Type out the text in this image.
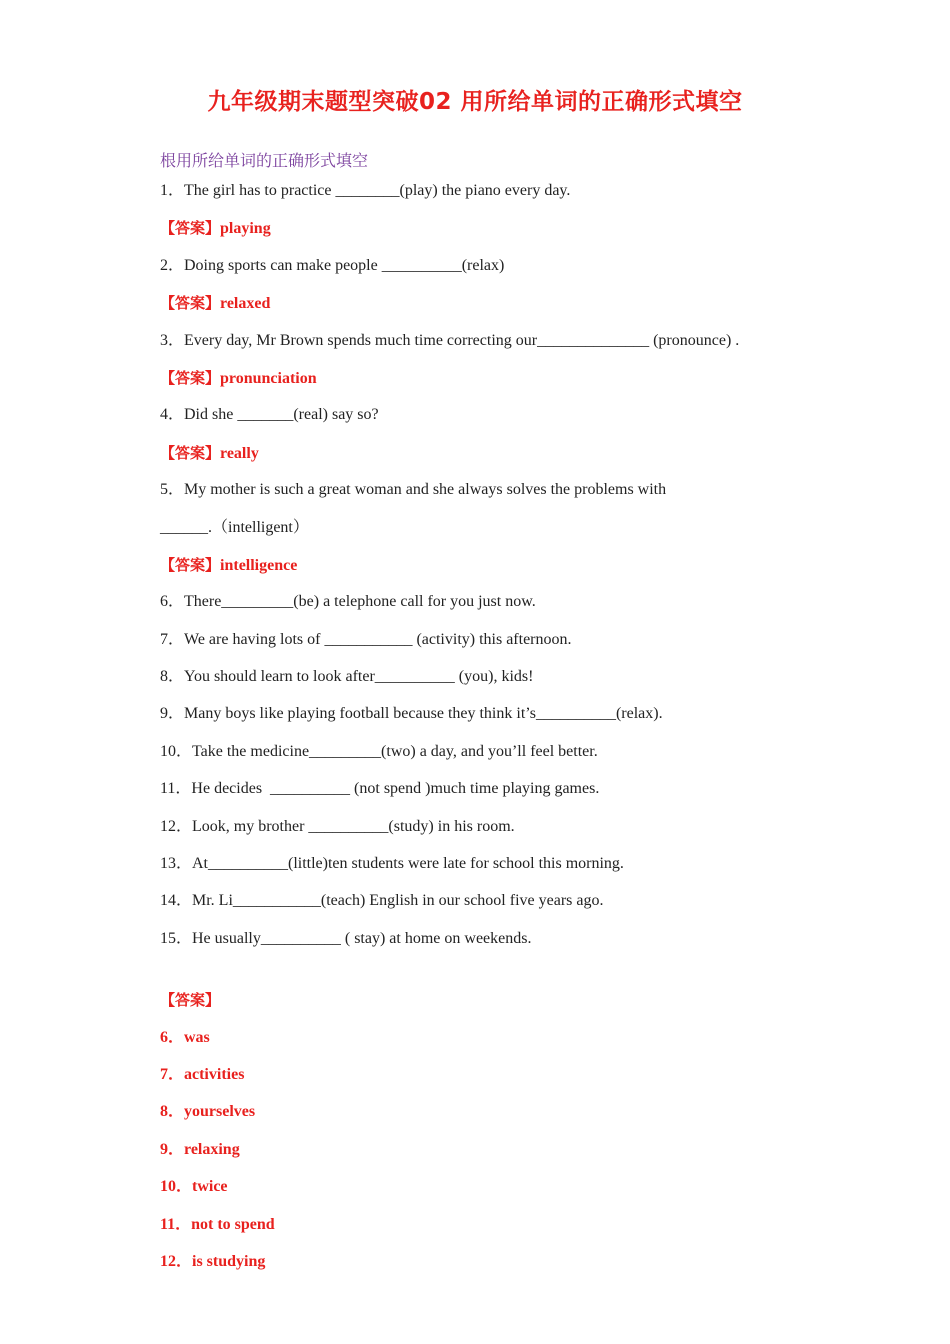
九年级期末题型突破02 用所给单词的正确形式填空
根用所给单词的正确形式填空
1．The girl has to practice ________(play) the piano every day.
【答案】playing
2．Doing sports can make people __________(relax)
【答案】relaxed
3．Every day, Mr Brown spends much time correcting our______________ (pronounce) .
【答案】pronunciation
4．Did she _______(real) say so?
【答案】really
5．My mother is such a great woman and she always solves the problems with
______.（intelligent）
【答案】intelligence
6．There_________(be) a telephone call for you just now.
7．We are having lots of ___________ (activity) this afternoon.
8．You should learn to look after__________ (you), kids!
9．Many boys like playing football because they think it’s__________(relax).
10．Take the medicine_________(two) a day, and you’ll feel better.
11．He decides  __________ (not spend )much time playing games.
12．Look, my brother __________(study) in his room.
13．At__________(little)ten students were late for school this morning.
14．Mr. Li___________(teach) English in our school five years ago.
15．He usually__________ ( stay) at home on weekends.
【答案】
6．was
7．activities
8．yourselves
9．relaxing
10．twice
11．not to spend
12．is studying
